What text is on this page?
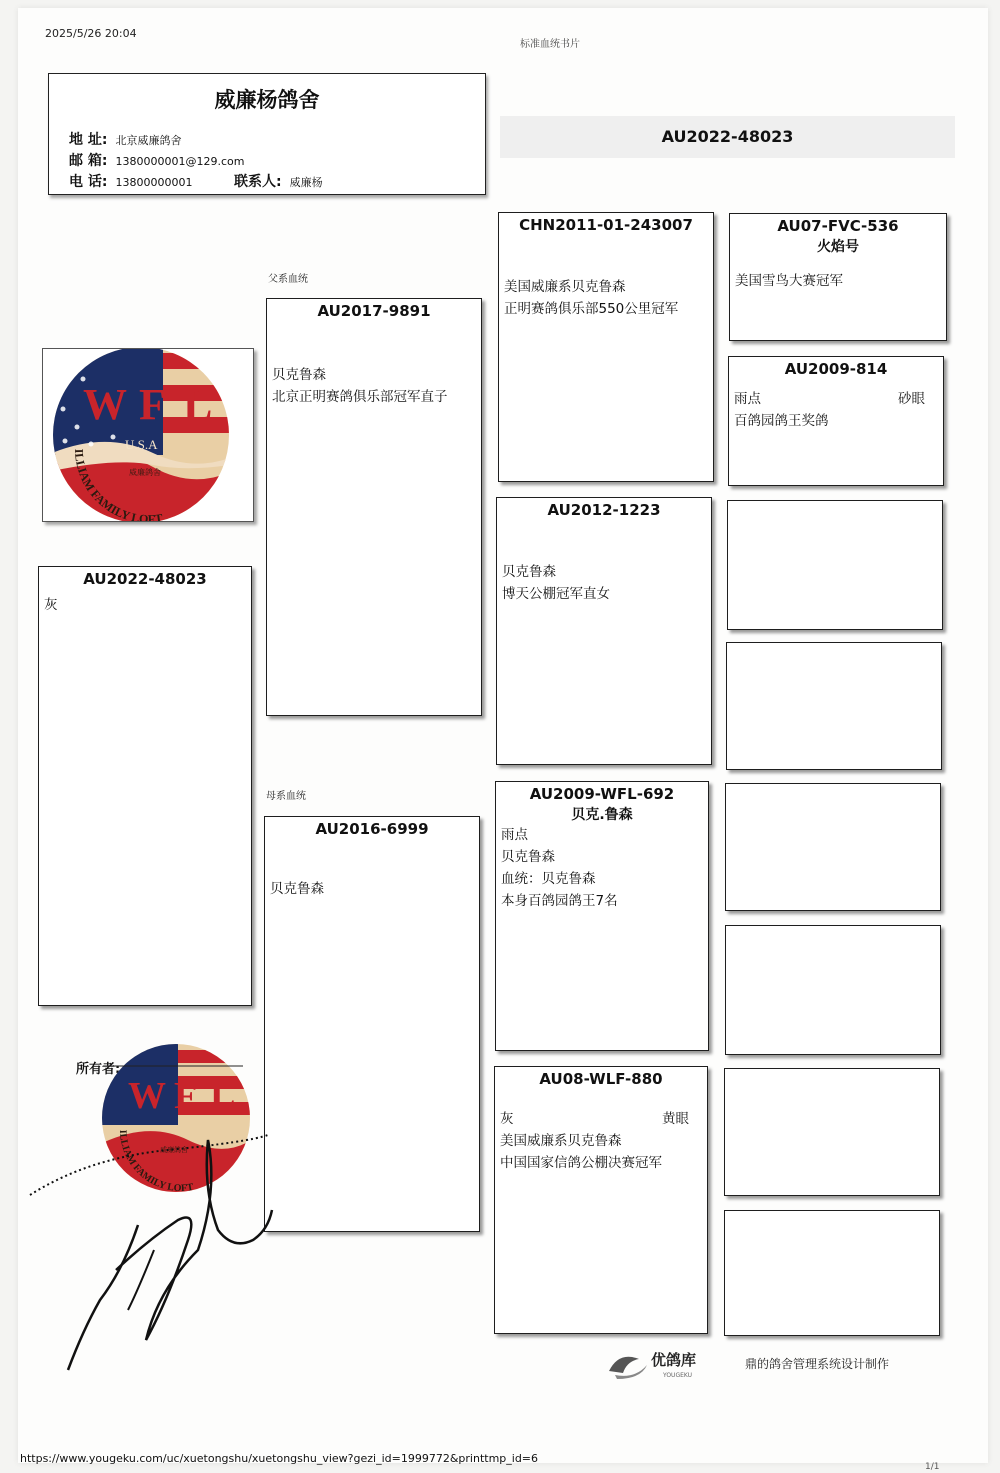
2025/5/26 20:04
标准血统书片
威廉杨鸽舍
地 址: 北京威廉鸽舍
邮 箱: 1380000001@129.com
电 话: 13800000001	联系人: 威廉杨
AU2022-48023
W F L
U.S.A
ILLIAM FAMILY LOFT
威廉鸽舍
父系血统
母系血统
AU2022-48023
灰
AU2017-9891
贝克鲁森
北京正明赛鸽俱乐部冠军直子
AU2016-6999
贝克鲁森
CHN2011-01-243007
美国威廉系贝克鲁森
正明赛鸽俱乐部550公里冠军
AU2012-1223
贝克鲁森
博天公棚冠军直女
AU2009-WFL-692
贝克.鲁森
雨点
贝克鲁森
血统：贝克鲁森
本身百鸽园鸽王7名
AU08-WLF-880
灰	黄眼
美国威廉系贝克鲁森
中国国家信鸽公棚决赛冠军
AU07-FVC-536
火焰号
美国雪鸟大赛冠军
AU2009-814
雨点	砂眼
百鸽园鸽王奖鸽
所有者:
W F L
ILLIAM FAMILY LOFT
威廉鸽舍
优鸽库
YOUGEKU
鼎的鸽舍管理系统设计制作
https://www.yougeku.com/uc/xuetongshu/xuetongshu_view?gezi_id=1999772&printtmp_id=6
1/1
